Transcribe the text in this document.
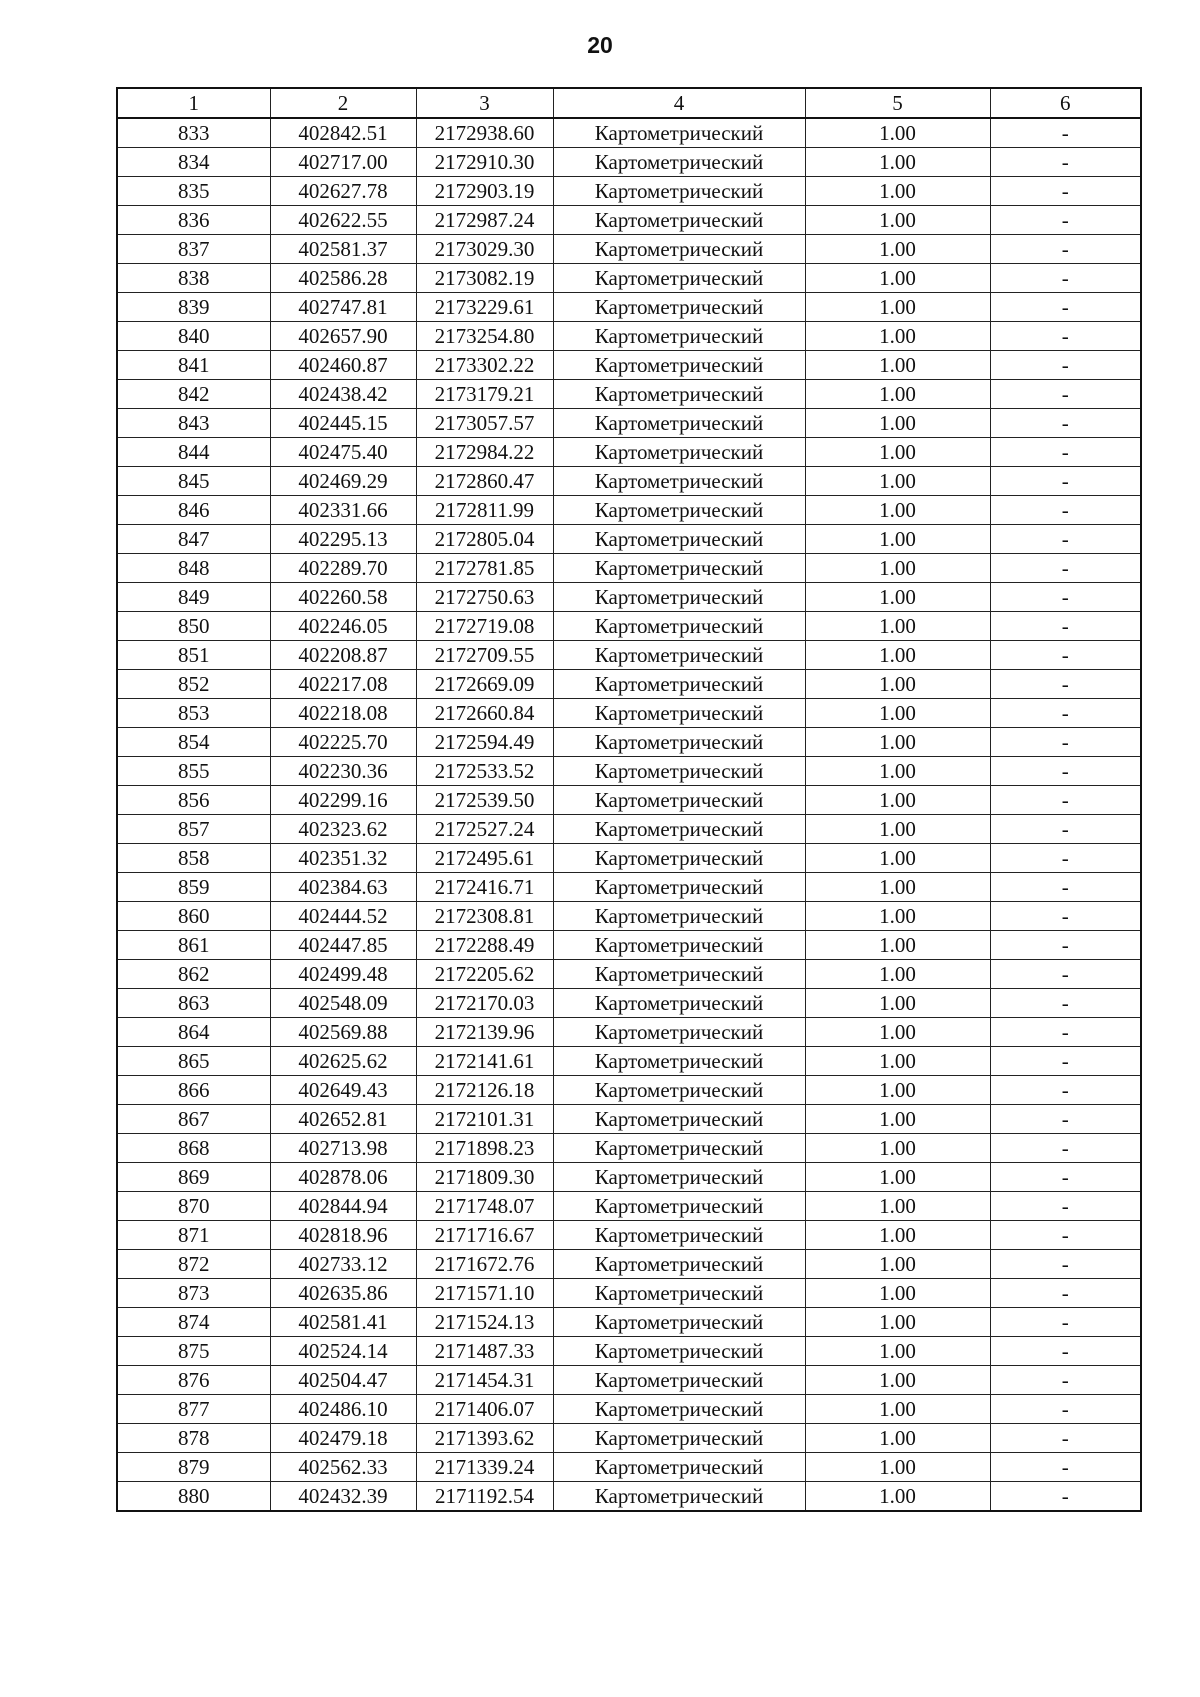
20
1	2	3	4	5	6
833	402842.51	2172938.60	Картометрический	1.00	-
834	402717.00	2172910.30	Картометрический	1.00	-
835	402627.78	2172903.19	Картометрический	1.00	-
836	402622.55	2172987.24	Картометрический	1.00	-
837	402581.37	2173029.30	Картометрический	1.00	-
838	402586.28	2173082.19	Картометрический	1.00	-
839	402747.81	2173229.61	Картометрический	1.00	-
840	402657.90	2173254.80	Картометрический	1.00	-
841	402460.87	2173302.22	Картометрический	1.00	-
842	402438.42	2173179.21	Картометрический	1.00	-
843	402445.15	2173057.57	Картометрический	1.00	-
844	402475.40	2172984.22	Картометрический	1.00	-
845	402469.29	2172860.47	Картометрический	1.00	-
846	402331.66	2172811.99	Картометрический	1.00	-
847	402295.13	2172805.04	Картометрический	1.00	-
848	402289.70	2172781.85	Картометрический	1.00	-
849	402260.58	2172750.63	Картометрический	1.00	-
850	402246.05	2172719.08	Картометрический	1.00	-
851	402208.87	2172709.55	Картометрический	1.00	-
852	402217.08	2172669.09	Картометрический	1.00	-
853	402218.08	2172660.84	Картометрический	1.00	-
854	402225.70	2172594.49	Картометрический	1.00	-
855	402230.36	2172533.52	Картометрический	1.00	-
856	402299.16	2172539.50	Картометрический	1.00	-
857	402323.62	2172527.24	Картометрический	1.00	-
858	402351.32	2172495.61	Картометрический	1.00	-
859	402384.63	2172416.71	Картометрический	1.00	-
860	402444.52	2172308.81	Картометрический	1.00	-
861	402447.85	2172288.49	Картометрический	1.00	-
862	402499.48	2172205.62	Картометрический	1.00	-
863	402548.09	2172170.03	Картометрический	1.00	-
864	402569.88	2172139.96	Картометрический	1.00	-
865	402625.62	2172141.61	Картометрический	1.00	-
866	402649.43	2172126.18	Картометрический	1.00	-
867	402652.81	2172101.31	Картометрический	1.00	-
868	402713.98	2171898.23	Картометрический	1.00	-
869	402878.06	2171809.30	Картометрический	1.00	-
870	402844.94	2171748.07	Картометрический	1.00	-
871	402818.96	2171716.67	Картометрический	1.00	-
872	402733.12	2171672.76	Картометрический	1.00	-
873	402635.86	2171571.10	Картометрический	1.00	-
874	402581.41	2171524.13	Картометрический	1.00	-
875	402524.14	2171487.33	Картометрический	1.00	-
876	402504.47	2171454.31	Картометрический	1.00	-
877	402486.10	2171406.07	Картометрический	1.00	-
878	402479.18	2171393.62	Картометрический	1.00	-
879	402562.33	2171339.24	Картометрический	1.00	-
880	402432.39	2171192.54	Картометрический	1.00	-
